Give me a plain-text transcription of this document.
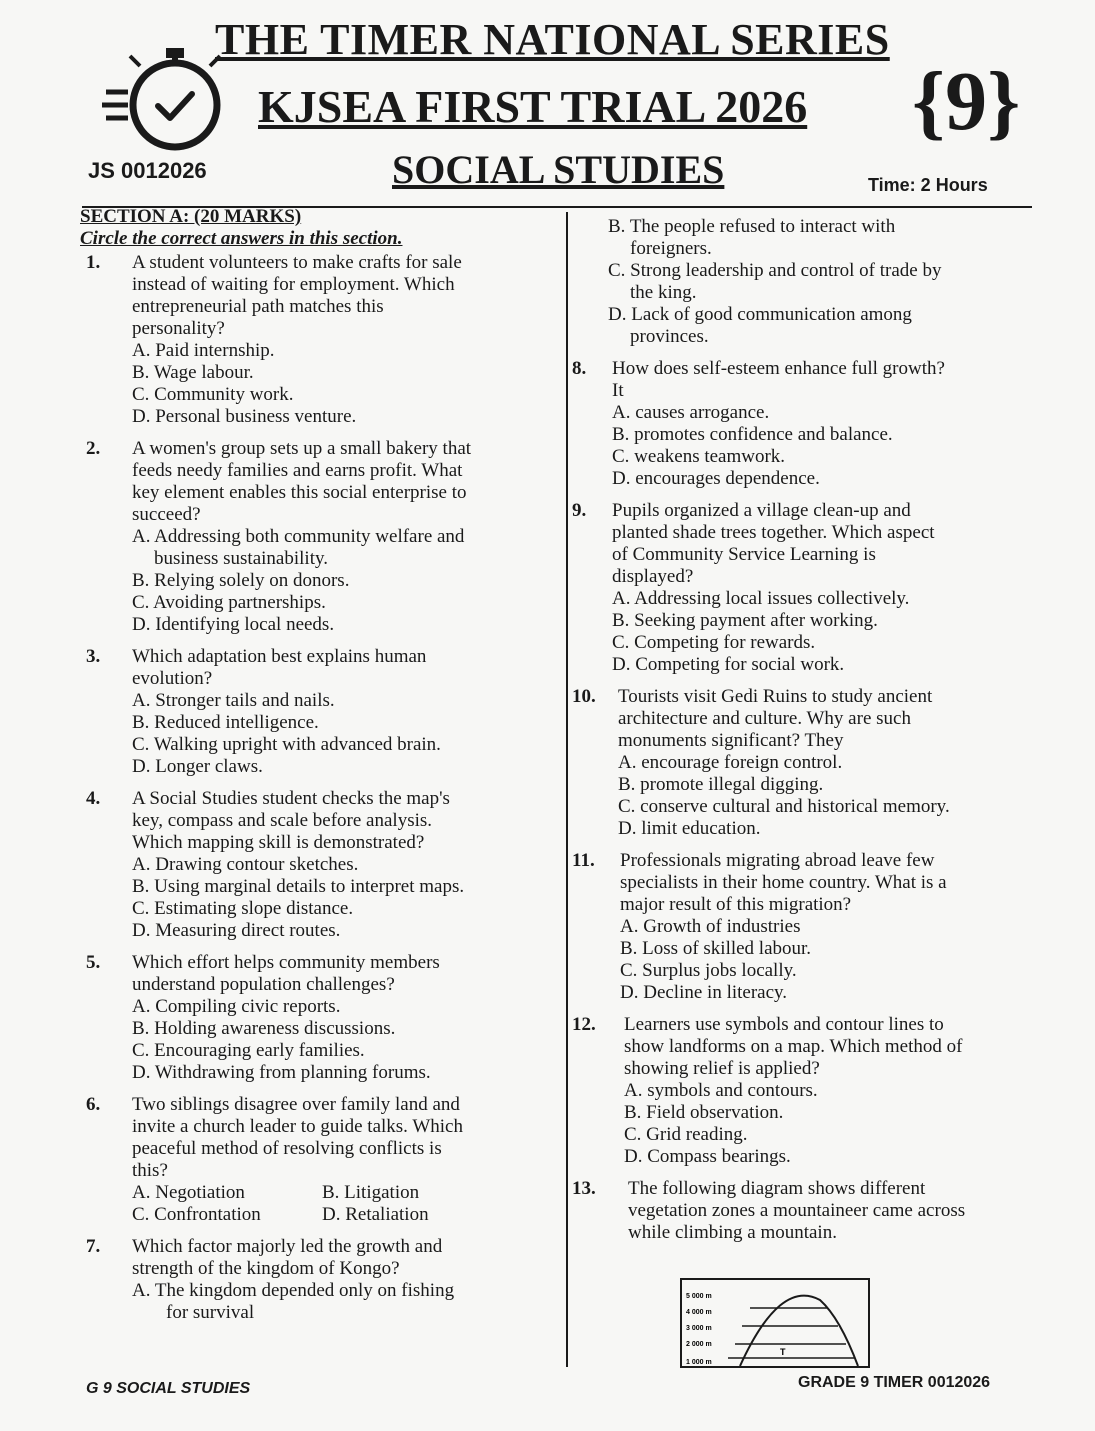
THE TIMER NATIONAL SERIES
KJSEA FIRST TRIAL 2026 {9}
JS 0012026	SOCIAL STUDIES	Time: 2 Hours
SECTION A: (20 MARKS)
Circle the correct answers in this section.
1.	A student volunteers to make crafts for sale
instead of waiting for employment. Which
entrepreneurial path matches this
personality?
A. Paid internship.
B. Wage labour.
C. Community work.
D. Personal business venture.
2.	A women's group sets up a small bakery that
feeds needy families and earns profit. What
key element enables this social enterprise to
succeed?
A. Addressing both community welfare and
business sustainability.
B. Relying solely on donors.
C. Avoiding partnerships.
D. Identifying local needs.
3.	Which adaptation best explains human
evolution?
A. Stronger tails and nails.
B. Reduced intelligence.
C. Walking upright with advanced brain.
D. Longer claws.
4.	A Social Studies student checks the map's
key, compass and scale before analysis.
Which mapping skill is demonstrated?
A. Drawing contour sketches.
B. Using marginal details to interpret maps.
C. Estimating slope distance.
D. Measuring direct routes.
5.	Which effort helps community members
understand population challenges?
A. Compiling civic reports.
B. Holding awareness discussions.
C. Encouraging early families.
D. Withdrawing from planning forums.
6.	Two siblings disagree over family land and
invite a church leader to guide talks. Which
peaceful method of resolving conflicts is
this?
A. Negotiation	B. Litigation
C. Confrontation	D. Retaliation
7.	Which factor majorly led the growth and
strength of the kingdom of Kongo?
A. The kingdom depended only on fishing
for survival
B. The people refused to interact with
foreigners.
C. Strong leadership and control of trade by
the king.
D. Lack of good communication among
provinces.
8.	How does self-esteem enhance full growth?
It
A. causes arrogance.
B. promotes confidence and balance.
C. weakens teamwork.
D. encourages dependence.
9.	Pupils organized a village clean-up and
planted shade trees together. Which aspect
of Community Service Learning is
displayed?
A. Addressing local issues collectively.
B. Seeking payment after working.
C. Competing for rewards.
D. Competing for social work.
10.	Tourists visit Gedi Ruins to study ancient
architecture and culture. Why are such
monuments significant? They
A. encourage foreign control.
B. promote illegal digging.
C. conserve cultural and historical memory.
D. limit education.
11.	Professionals migrating abroad leave few
specialists in their home country. What is a
major result of this migration?
A. Growth of industries
B. Loss of skilled labour.
C. Surplus jobs locally.
D. Decline in literacy.
12.	Learners use symbols and contour lines to
show landforms on a map. Which method of
showing relief is applied?
A. symbols and contours.
B. Field observation.
C. Grid reading.
D. Compass bearings.
13.	The following diagram shows different
vegetation zones a mountaineer came across
while climbing a mountain.
5 000 m
4 000 m
3 000 m
2 000 m
1 000 m
T
G 9 SOCIAL STUDIES	GRADE 9 TIMER 0012026
